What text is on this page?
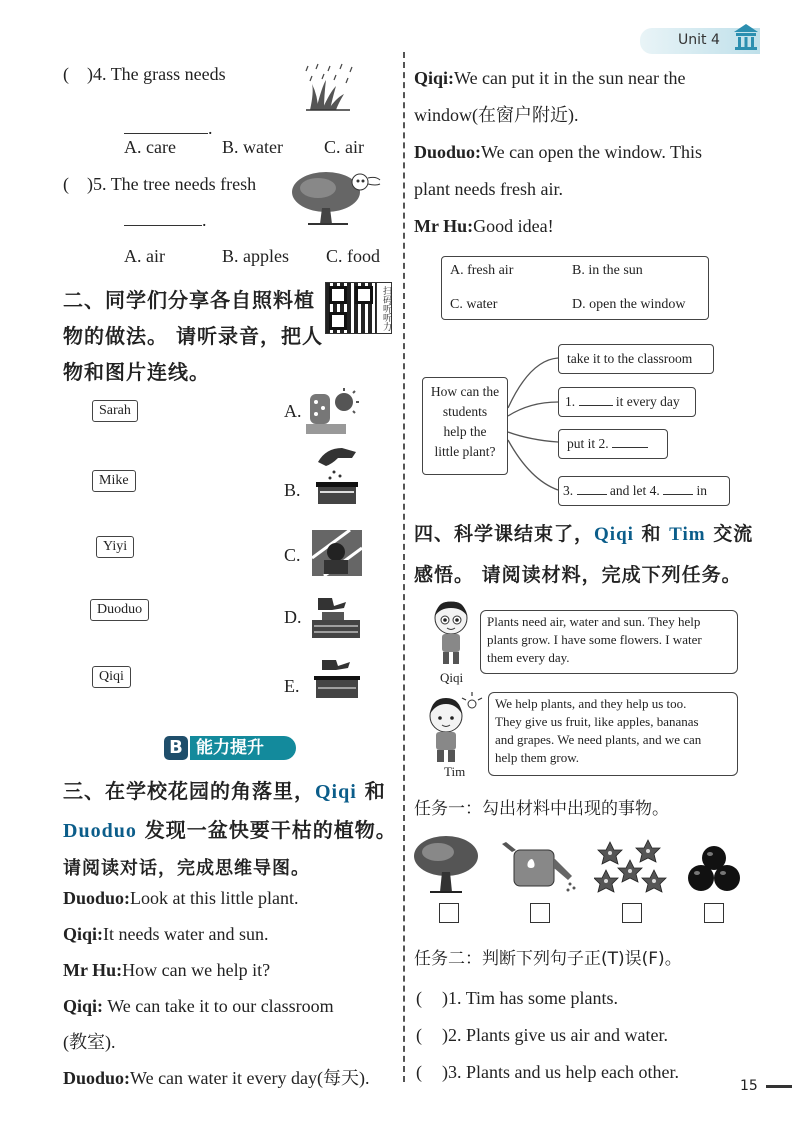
Unit 4
( )4. The grass needs
.
A. care	B. water C. air
( )5. The tree needs fresh
.
A. air	B. apples C. food
二、同学们分享各自照料植
物的做法。 请听录音，把人
物和图片连线。
扫码听听力
Sarah
Mike
Yiyi
Duoduo
Qiqi
A.
B.
C.
D.
E.
B 能力提升
三、在学校花园的角落里，Qiqi 和
Duoduo 发现一盆快要干枯的植物。
请阅读对话，完成思维导图。
Duoduo:Look at this little plant.
Qiqi:It needs water and sun.
Mr Hu:How can we help it?
Qiqi: We can take it to our classroom
(教室).
Duoduo:We can water it every day(每天).
Qiqi:We can put it in the sun near the
window(在窗户附近).
Duoduo:We can open the window. This
plant needs fresh air.
Mr Hu:Good idea!
A. fresh air	B. in the sun
C. water	D. open the window
How can the
students
help the
little plant?
take it to the classroom
1.	it every day
put it 2.
3.	and let 4.	in
四、科学课结束了，Qiqi 和 Tim 交流
感悟。 请阅读材料，完成下列任务。
Qiqi
Plants need air, water and sun. They help
plants grow. I have some flowers. I water
them every day.
Tim
We help plants, and they help us too.
They give us fruit, like apples, bananas
and grapes. We need plants, and we can
help them grow.
任务一：勾出材料中出现的事物。
任务二：判断下列句子正(T)误(F)。
( )1. Tim has some plants.
( )2. Plants give us air and water.
( )3. Plants and us help each other.
15
